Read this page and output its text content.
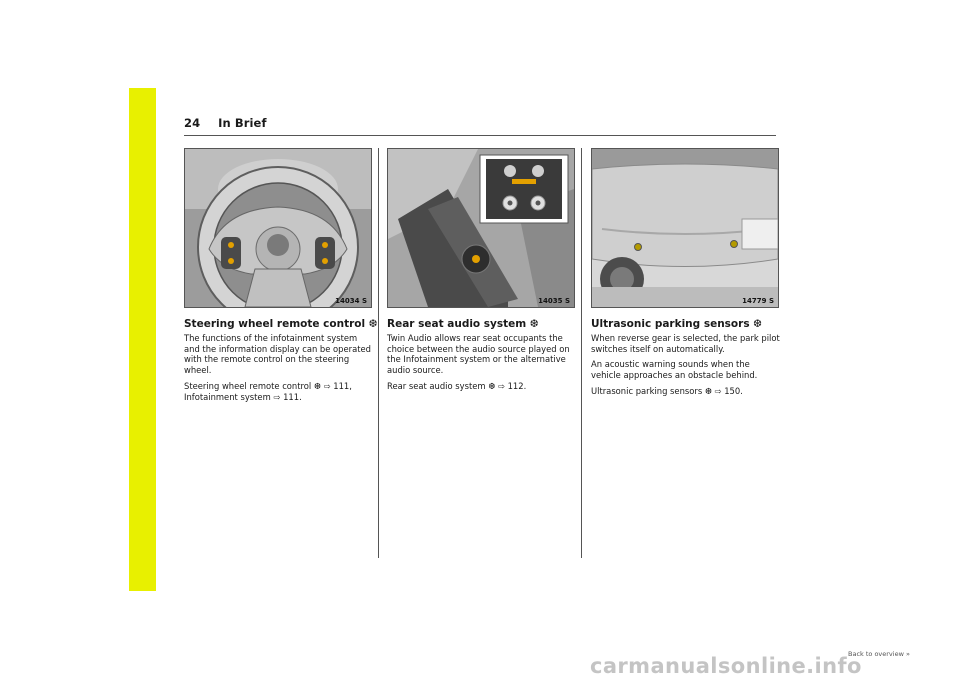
24 In Brief
14034 S	14035 S	14779 S
Steering wheel remote control ❆

The functions of the infotainment system and the information display can be operated with the remote control on the steering wheel.

Steering wheel remote control ❆ ⇨ 111, Infotainment system ⇨ 111.

Rear seat audio system ❆

Twin Audio allows rear seat occupants the choice between the audio source played on the Infotainment system or the alternative audio source.

Rear seat audio system ❆ ⇨ 112.

Ultrasonic parking sensors ❆

When reverse gear is selected, the park pilot switches itself on automatically.

An acoustic warning sounds when the vehicle approaches an obstacle behind.

Ultrasonic parking sensors ❆ ⇨ 150.

Back to overview »
carmanualsonline.info
